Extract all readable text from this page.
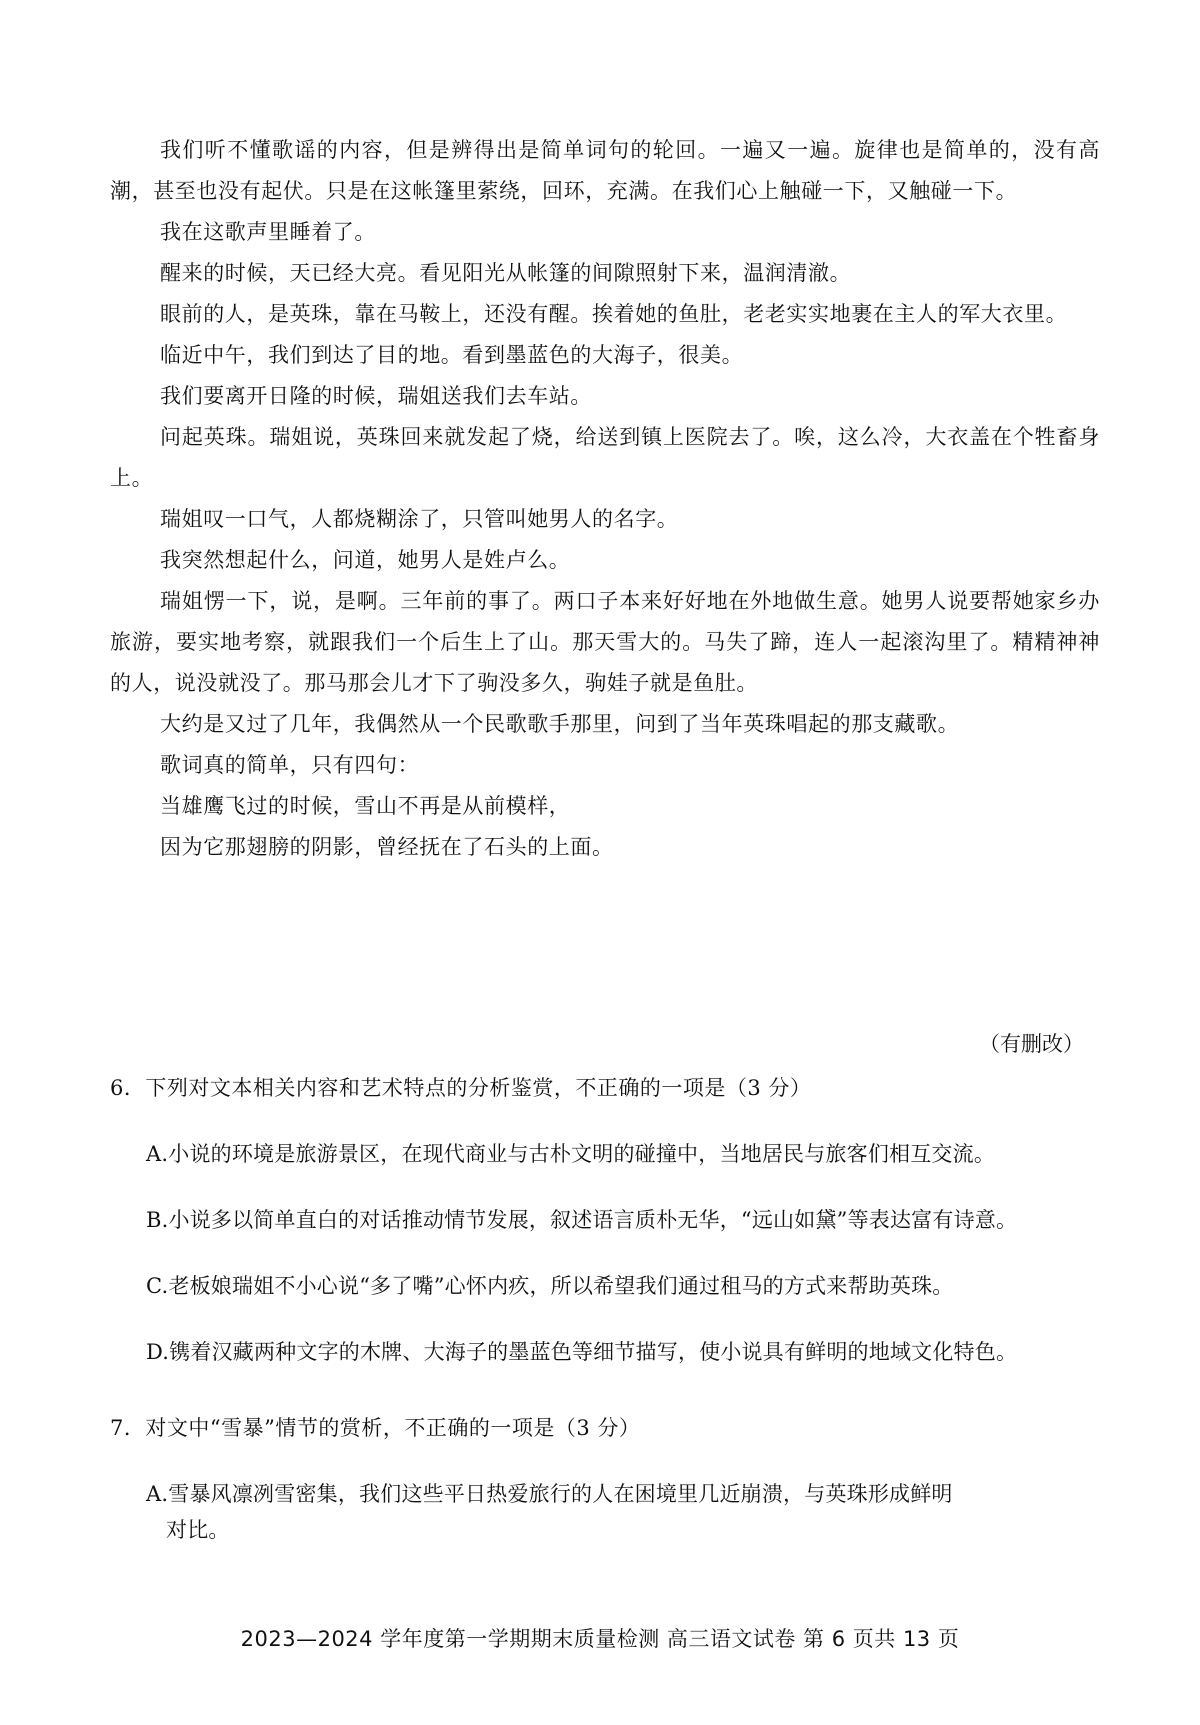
我们听不懂歌谣的内容，但是辨得出是简单词句的轮回。一遍又一遍。旋律也是简单的，没有高潮，甚至也没有起伏。只是在这帐篷里萦绕，回环，充满。在我们心上触碰一下，又触碰一下。

我在这歌声里睡着了。

醒来的时候，天已经大亮。看见阳光从帐篷的间隙照射下来，温润清澈。

眼前的人，是英珠，靠在马鞍上，还没有醒。挨着她的鱼肚，老老实实地裹在主人的军大衣里。

临近中午，我们到达了目的地。看到墨蓝色的大海子，很美。

我们要离开日隆的时候，瑞姐送我们去车站。

问起英珠。瑞姐说，英珠回来就发起了烧，给送到镇上医院去了。唉，这么冷，大衣盖在个牲畜身上。

瑞姐叹一口气，人都烧糊涂了，只管叫她男人的名字。

我突然想起什么，问道，她男人是姓卢么。

瑞姐愣一下，说，是啊。三年前的事了。两口子本来好好地在外地做生意。她男人说要帮她家乡办旅游，要实地考察，就跟我们一个后生上了山。那天雪大的。马失了蹄，连人一起滚沟里了。精精神神的人，说没就没了。那马那会儿才下了驹没多久，驹娃子就是鱼肚。

大约是又过了几年，我偶然从一个民歌歌手那里，问到了当年英珠唱起的那支藏歌。

歌词真的简单，只有四句：

当雄鹰飞过的时候，雪山不再是从前模样，

因为它那翅膀的阴影，曾经抚在了石头的上面。

（有删改）

6．下列对文本相关内容和艺术特点的分析鉴赏，不正确的一项是（3 分）

A.小说的环境是旅游景区，在现代商业与古朴文明的碰撞中，当地居民与旅客们相互交流。

B.小说多以简单直白的对话推动情节发展，叙述语言质朴无华，“远山如黛”等表达富有诗意。

C.老板娘瑞姐不小心说“多了嘴”心怀内疚，所以希望我们通过租马的方式来帮助英珠。

D.镌着汉藏两种文字的木牌、大海子的墨蓝色等细节描写，使小说具有鲜明的地域文化特色。

7．对文中“雪暴”情节的赏析，不正确的一项是（3 分）

A.雪暴风凛冽雪密集，我们这些平日热爱旅行的人在困境里几近崩溃，与英珠形成鲜明
对比。
2023—2024 学年度第一学期期末质量检测 高三语文试卷 第 6 页共 13 页
